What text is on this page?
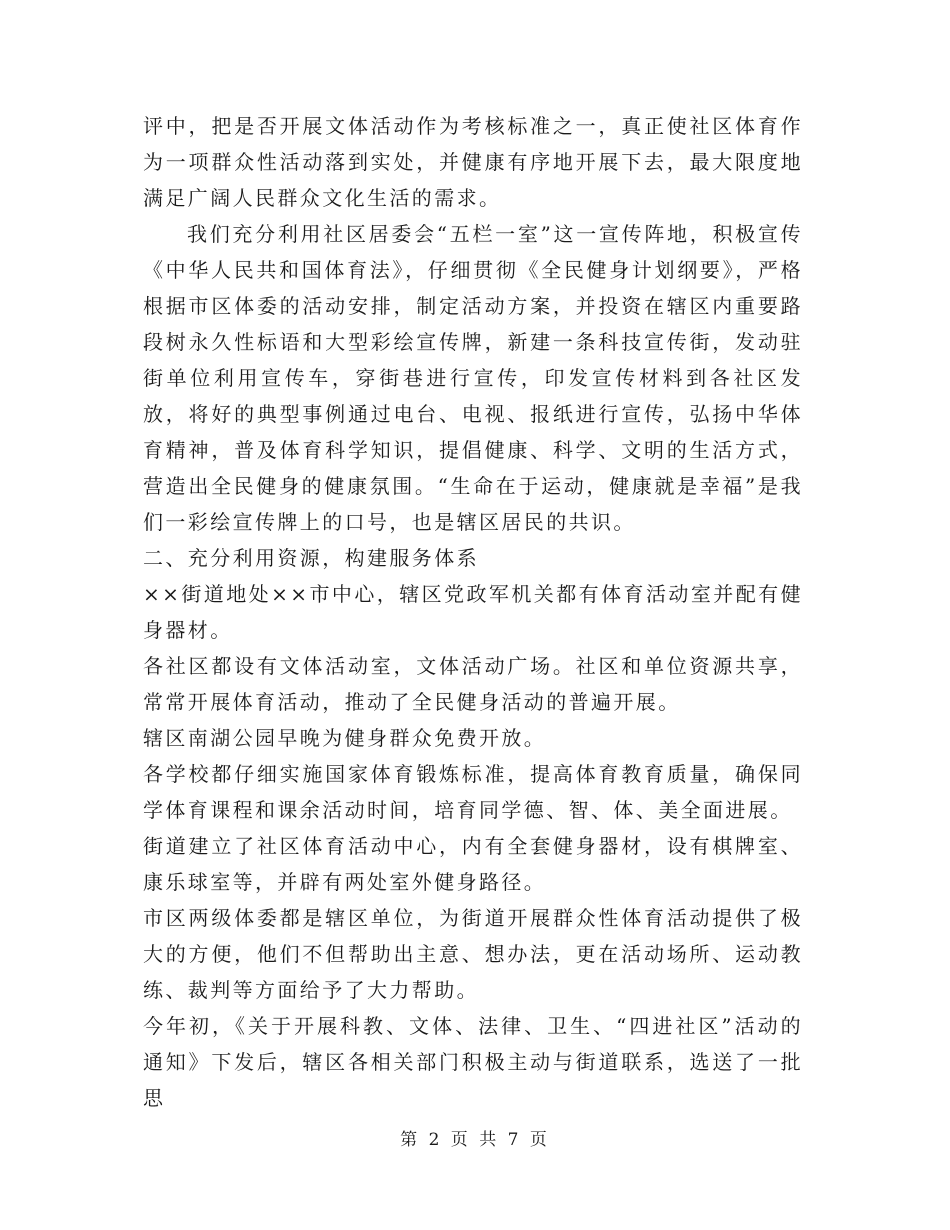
评中，把是否开展文体活动作为考核标准之一，真正使社区体育作为一项群众性活动落到实处，并健康有序地开展下去，最大限度地满足广阔人民群众文化生活的需求。

我们充分利用社区居委会“五栏一室”这一宣传阵地，积极宣传《中华人民共和国体育法》，仔细贯彻《全民健身计划纲要》，严格根据市区体委的活动安排，制定活动方案，并投资在辖区内重要路段树永久性标语和大型彩绘宣传牌，新建一条科技宣传街，发动驻街单位利用宣传车，穿街巷进行宣传，印发宣传材料到各社区发放，将好的典型事例通过电台、电视、报纸进行宣传，弘扬中华体育精神，普及体育科学知识，提倡健康、科学、文明的生活方式，营造出全民健身的健康氛围。“生命在于运动，健康就是幸福”是我们一彩绘宣传牌上的口号，也是辖区居民的共识。

二、充分利用资源，构建服务体系

××街道地处××市中心，辖区党政军机关都有体育活动室并配有健身器材。

各社区都设有文体活动室，文体活动广场。社区和单位资源共享，常常开展体育活动，推动了全民健身活动的普遍开展。

辖区南湖公园早晚为健身群众免费开放。

各学校都仔细实施国家体育锻炼标准，提高体育教育质量，确保同学体育课程和课余活动时间，培育同学德、智、体、美全面进展。

街道建立了社区体育活动中心，内有全套健身器材，设有棋牌室、康乐球室等，并辟有两处室外健身路径。

市区两级体委都是辖区单位，为街道开展群众性体育活动提供了极大的方便，他们不但帮助出主意、想办法，更在活动场所、运动教练、裁判等方面给予了大力帮助。

今年初，《关于开展科教、文体、法律、卫生、“四进社区”活动的通知》下发后，辖区各相关部门积极主动与街道联系，选送了一批思

第 2 页 共 7 页
